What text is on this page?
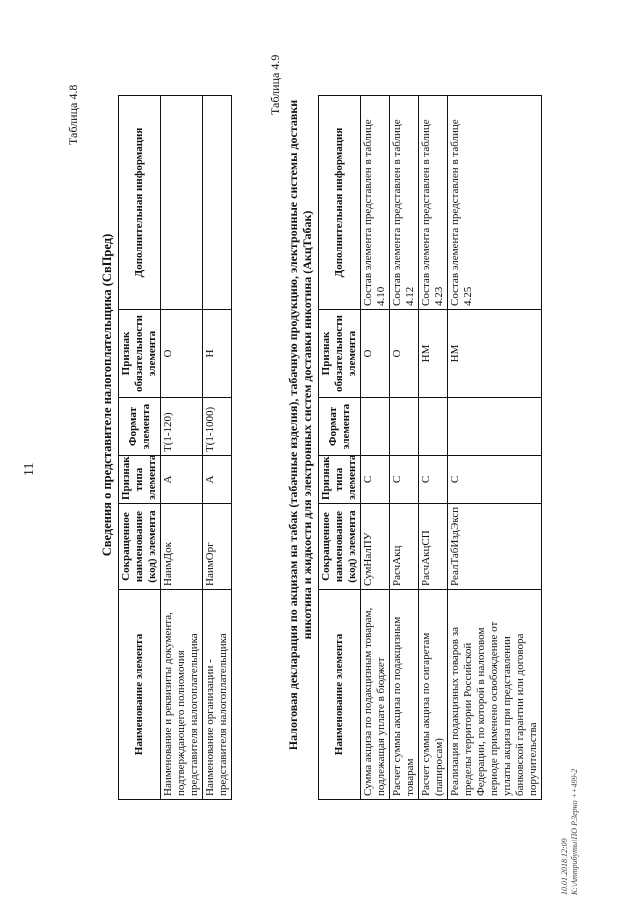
11
Таблица 4.8
Сведения о представителе налогоплательщика (СвПред)
Наименование элемента	Сокращенное наименование (код) элемента	Признак типа элемента	Формат элемента	Признак обязательности элемента	Дополнительная информация
Наименование и реквизиты документа, подтверждающего полномочия представителя налогоплательщика	НаимДок	А	Т(1-120)	О	
Наименование организации - представителя налогоплательщика	НаимОрг	А	Т(1-1000)	Н	
Таблица 4.9
Налоговая декларация по акцизам на табак (табачные изделия), табачную продукцию, электронные системы доставки никотина и жидкости для электронных систем доставки никотина (АкцТабак)
Наименование элемента	Сокращенное наименование (код) элемента	Признак типа элемента	Формат элемента	Признак обязательности элемента	Дополнительная информация
Сумма акциза по подакцизным товарам, подлежащая уплате в бюджет	СумНалПУ	С		О	Состав элемента представлен в таблице 4.10
Расчет суммы акциза по подакцизным товарам	РасчАкц	С		О	Состав элемента представлен в таблице 4.12
Расчет суммы акциза по сигаретам (папиросам)	РасчАкцСП	С		НМ	Состав элемента представлен в таблице 4.23
Реализация подакцизных товаров за пределы территории Российской Федерации, по которой в налоговом периоде применено освобождение от уплаты акциза при представлении банковской гарантии или договора поручительства	РеалТабИздЭксп	С		НМ	Состав элемента представлен в таблице 4.25
10.01.2018 12:09 К:\Аттрибуты\ПО Р.Зерно ++499-2
